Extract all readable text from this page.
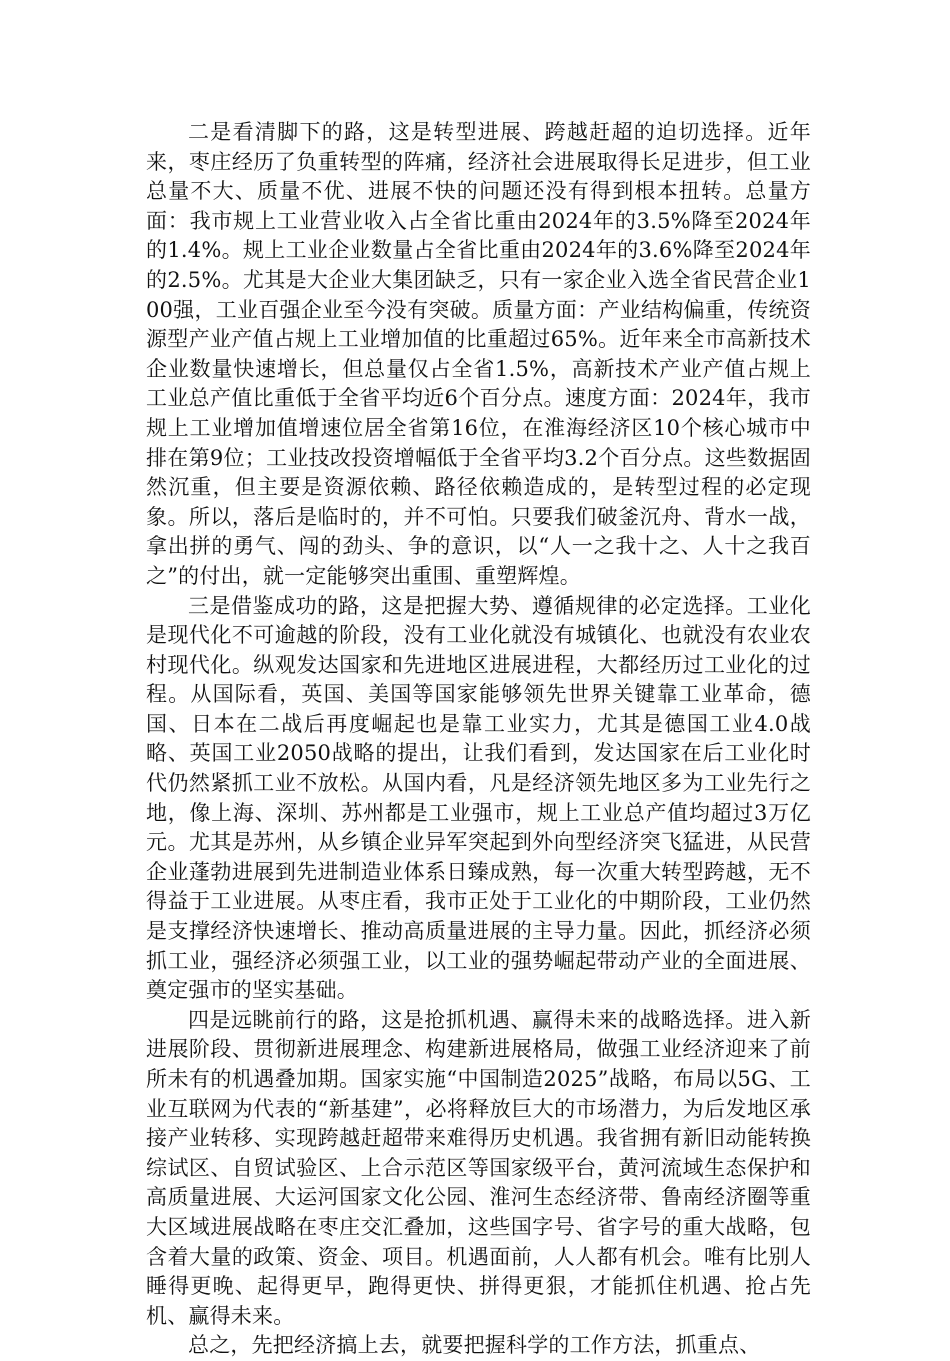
二是看清脚下的路，这是转型进展、跨越赶超的迫切选择。近年来，枣庄经历了负重转型的阵痛，经济社会进展取得长足进步，但工业总量不大、质量不优、进展不快的问题还没有得到根本扭转。总量方面：我市规上工业营业收入占全省比重由2024年的3.5%降至2024年的1.4%。规上工业企业数量占全省比重由2024年的3.6%降至2024年的2.5%。尤其是大企业大集团缺乏，只有一家企业入选全省民营企业100强，工业百强企业至今没有突破。质量方面：产业结构偏重，传统资源型产业产值占规上工业增加值的比重超过65%。近年来全市高新技术企业数量快速增长，但总量仅占全省1.5%，高新技术产业产值占规上工业总产值比重低于全省平均近6个百分点。速度方面：2024年，我市规上工业增加值增速位居全省第16位，在淮海经济区10个核心城市中排在第9位；工业技改投资增幅低于全省平均3.2个百分点。这些数据固然沉重，但主要是资源依赖、路径依赖造成的，是转型过程的必定现象。所以，落后是临时的，并不可怕。只要我们破釜沉舟、背水一战，拿出拼的勇气、闯的劲头、争的意识，以“人一之我十之、人十之我百之”的付出，就一定能够突出重围、重塑辉煌。

三是借鉴成功的路，这是把握大势、遵循规律的必定选择。工业化是现代化不可逾越的阶段，没有工业化就没有城镇化、也就没有农业农村现代化。纵观发达国家和先进地区进展进程，大都经历过工业化的过程。从国际看，英国、美国等国家能够领先世界关键靠工业革命，德国、日本在二战后再度崛起也是靠工业实力，尤其是德国工业4.0战略、英国工业2050战略的提出，让我们看到，发达国家在后工业化时代仍然紧抓工业不放松。从国内看，凡是经济领先地区多为工业先行之地，像上海、深圳、苏州都是工业强市，规上工业总产值均超过3万亿元。尤其是苏州，从乡镇企业异军突起到外向型经济突飞猛进，从民营企业蓬勃进展到先进制造业体系日臻成熟，每一次重大转型跨越，无不得益于工业进展。从枣庄看，我市正处于工业化的中期阶段，工业仍然是支撑经济快速增长、推动高质量进展的主导力量。因此，抓经济必须抓工业，强经济必须强工业，以工业的强势崛起带动产业的全面进展、奠定强市的坚实基础。

四是远眺前行的路，这是抢抓机遇、赢得未来的战略选择。进入新进展阶段、贯彻新进展理念、构建新进展格局，做强工业经济迎来了前所未有的机遇叠加期。国家实施“中国制造2025”战略，布局以5G、工业互联网为代表的“新基建”，必将释放巨大的市场潜力，为后发地区承接产业转移、实现跨越赶超带来难得历史机遇。我省拥有新旧动能转换综试区、自贸试验区、上合示范区等国家级平台，黄河流域生态保护和高质量进展、大运河国家文化公园、淮河生态经济带、鲁南经济圈等重大区域进展战略在枣庄交汇叠加，这些国字号、省字号的重大战略，包含着大量的政策、资金、项目。机遇面前，人人都有机会。唯有比别人睡得更晚、起得更早，跑得更快、拼得更狠，才能抓住机遇、抢占先机、赢得未来。

总之，先把经济搞上去，就要把握科学的工作方法，抓重点、
